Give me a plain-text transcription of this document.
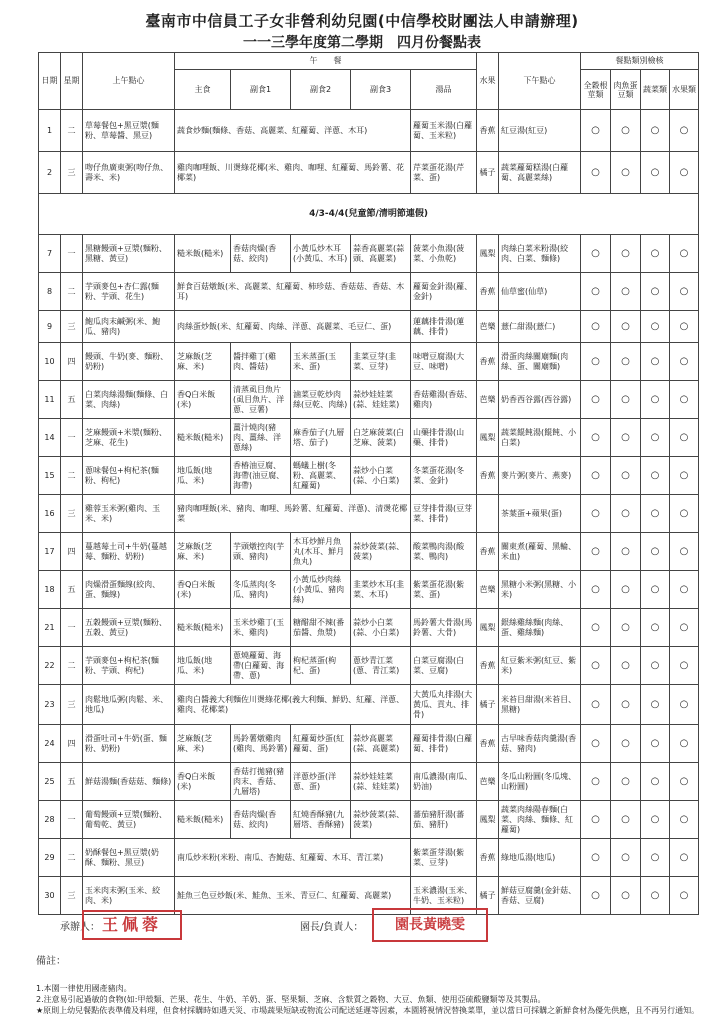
臺南市中信員工子女非營利幼兒園(中信學校財團法人申請辦理)
一一三學年度第二學期　四月份餐點表
日期	星期	上午點心	午　　餐					水果	下午點心	餐點類別檢核			
			主食	副食1	副食2	副食3	湯品			全穀根莖類	肉魚蛋豆類	蔬菜類	水果類
1	二	草莓餐包+黑豆漿(麵粉、草莓醬、黑豆)	蔬食炒麵(麵條、香菇、高麗菜、紅蘿蔔、洋蔥、木耳)				蘿蔔玉米湯(白蘿蔔、玉米粒)	香蕉	紅豆湯(紅豆)	○	○	○	○
2	三	吻仔魚廣東粥(吻仔魚、壽米、米)	雞肉咖哩飯、川燙綠花椰(米、雞肉、咖哩、紅蘿蔔、馬鈴薯、花椰菜)				芹菜蛋花湯(芹菜、蛋)	橘子	蔬菜蘿蔔糕湯(白蘿蔔、高麗菜絲)	○	○	○	○
4/3-4/4(兒童節/清明節連假)													
7	一	黑糖饅頭+豆漿(麵粉、黑糖、黃豆)	糙米飯(糙米)	香菇肉燥(香菇、絞肉)	小黃瓜炒木耳(小黃瓜、木耳)	蒜香高麗菜(蒜頭、高麗菜)	菠菜小魚湯(菠菜、小魚乾)	鳳梨	肉絲白菜米粉湯(絞肉、白菜、麵條)	○	○	○	○
8	二	芋頭麥包+杏仁露(麵粉、芋頭、花生)	鮮食百菇燉飯(米、高麗菜、紅蘿蔔、柿珍菇、香菇菇、香菇、木耳)				蘿蔔金針湯(蘿、金針)	香蕉	仙草蜜(仙草)	○	○	○	○
9	三	鮑瓜肉末鹹粥(米、鮑瓜、豬肉)	肉絲蛋炒飯(米、紅蘿蔔、肉絲、洋蔥、高麗菜、毛豆仁、蛋)				蓮藕排骨湯(蓮藕、排骨)	芭樂	薏仁甜湯(薏仁)	○	○	○	○
10	四	饅頭、牛奶(麥、麵粉、奶粉)	芝麻飯(芝麻、米)	醬拌雞丁(雞肉、醬菇)	玉米蒸蛋(玉米、蛋)	韭菜豆芽(韭菜、豆芽)	味噌豆腐湯(大豆、味噌)	香蕉	滑蛋肉絲關廟麵(肉絲、蛋、關廟麵)	○	○	○	○
11	五	白菜肉絲湯麵(麵條、白菜、肉絲)	香Q白米飯(米)	清蒸虱目魚片(虱目魚片、洋蔥、豆薯)	滷菜豆乾炒肉絲(豆乾、肉絲)	蒜炒娃娃菜(蒜、娃娃菜)	香菇雞湯(香菇、雞肉)	芭樂	奶香西谷露(西谷露)	○	○	○	○
14	一	芝麻饅頭+米漿(麵粉、芝麻、花生)	糙米飯(糙米)	薑汁燒肉(豬肉、薑絲、洋蔥絲)	麻香茄子(九層塔、茄子)	白芝麻菠菜(白芝麻、菠菜)	山藥排骨湯(山藥、排骨)	鳳梨	蔬菜餛飩湯(餛飩、小白菜)	○	○	○	○
15	二	蔥味餐包+枸杞茶(麵粉、枸杞)	地瓜飯(地瓜、米)	香椿油豆腐、海帶(油豆腐、海帶)	螞蟻上樹(冬粉、高麗菜、紅蘿蔔)	蒜炒小白菜(蒜、小白菜)	冬菜蛋花湯(冬菜、金針)	香蕉	麥片粥(麥片、燕麥)	○	○	○	○
16	三	雞蓉玉米粥(雞肉、玉米、米)	豬肉咖哩飯(米、豬肉、咖哩、馬鈴薯、紅蘿蔔、洋蔥)、清燙花椰菜				豆芽排骨湯(豆芽菜、排骨)		茶葉蛋+蘋果(蛋)	○	○	○	○
17	四	蔓越莓土司+牛奶(蔓越莓、麵粉、奶粉)	芝麻飯(芝麻、米)	芋頭燉控肉(芋頭、豬肉)	木耳炒鮮月魚丸(木耳、鮮月魚丸)	蒜炒菠菜(蒜、菠菜)	酸菜鴨肉湯(酸菜、鴨肉)	香蕉	關東煮(蘿蔔、黑輪、米血)	○	○	○	○
18	五	肉燥滑蛋麵線(絞肉、蛋、麵線)	香Q白米飯(米)	冬瓜蒸肉(冬瓜、豬肉)	小黃瓜炒肉絲(小黃瓜、豬肉絲)	韭菜炒木耳(韭菜、木耳)	紫菜蛋花湯(紫菜、蛋)	芭樂	黑糖小米粥(黑糖、小米)	○	○	○	○
21	一	五穀饅頭+豆漿(麵粉、五穀、黃豆)	糙米飯(糙米)	玉米炒雞丁(玉米、雞肉)	糖醋甜不辣(番茄醬、魚漿)	蒜炒小白菜(蒜、小白菜)	馬鈴薯大骨湯(馬鈴薯、大骨)	鳳梨	銀絲雞絲麵(肉絲、蛋、雞絲麵)	○	○	○	○
22	二	芋頭麥包+枸杞茶(麵粉、芋頭、枸杞)	地瓜飯(地瓜、米)	蔥燒蘿蔔、海帶(白蘿蔔、海帶、蔥)	枸杞蒸蛋(枸杞、蛋)	蔥炒青江菜(蔥、青江菜)	白菜豆腐湯(白菜、豆腐)	香蕉	紅豆紫米粥(紅豆、紫米)	○	○	○	○
23	三	肉鬆地瓜粥(肉鬆、米、地瓜)	雞肉白醬義大利麵佐川燙綠花椰(義大利麵、鮮奶、紅蘿、洋蔥、雞肉、花椰菜)				大黃瓜丸排湯(大黃瓜、貢丸、排骨)	橘子	米苔目甜湯(米苔目、黑糖)	○	○	○	○
24	四	滑蛋吐司+牛奶(蛋、麵粉、奶粉)	芝麻飯(芝麻、米)	馬鈴薯燉雞肉(雞肉、馬鈴薯)	紅蘿蔔炒蛋(紅蘿蔔、蛋)	蒜炒高麗菜(蒜、高麗菜)	蘿蔔排骨湯(白蘿蔔、排骨)	香蕉	古早味香菇肉羹湯(香菇、豬肉)	○	○	○	○
25	五	鮮菇湯麵(香菇菇、麵條)	香Q白米飯(米)	香菇打拋豬(豬肉末、香菇、九層塔)	洋蔥炒蛋(洋蔥、蛋)	蒜炒娃娃菜(蒜、娃娃菜)	南瓜濃湯(南瓜、奶油)	芭樂	冬瓜山粉圓(冬瓜塊、山粉圓)	○	○	○	○
28	一	葡萄饅頭+豆漿(麵粉、葡萄乾、黃豆)	糙米飯(糙米)	香菇肉燥(香菇、絞肉)	紅燒香酥豬(九層塔、香酥豬)	蒜炒菠菜(蒜、菠菜)	蕃茄豬肝湯(蕃茄、豬肝)	鳳梨	蔬菜肉絲陽春麵(白菜、肉絲、麵條、紅蘿蔔)	○	○	○	○
29	二	奶酥餐包+黑豆漿(奶酥、麵粉、黑豆)	南瓜炒米粉(米粉、南瓜、杏鮑菇、紅蘿蔔、木耳、青江菜)				紫菜蛋芽湯(紫菜、豆芽)	香蕉	綠地瓜湯(地瓜)	○	○	○	○
30	三	玉米肉末粥(玉米、絞肉、米)	鮭魚三色豆炒飯(米、鮭魚、玉米、青豆仁、紅蘿蔔、高麗菜)				玉米濃湯(玉米、牛奶、玉米粒)	橘子	鮮菇豆腐羹(金針菇、香菇、豆腐)	○	○	○	○
承辦人： 王佩蓉	園長/負責人：	園長黃曉雯
備註：
1.本園一律使用國產豬肉。
2.注意易引起過敏的食物(如:甲殼類、芒果、花生、牛奶、羊奶、蛋、堅果類、芝麻、含麩質之穀物、大豆、魚類、使用亞硫酸鹽類等及其製品。
★原則上幼兒餐點依表準備及料理，但食材採購時如遇天災、市場蔬果短缺或物流公司配送延遲等因素，本園將視情況替換菜單，並以當日可採購之新鮮食材為優先供應，且不再另行通知。
